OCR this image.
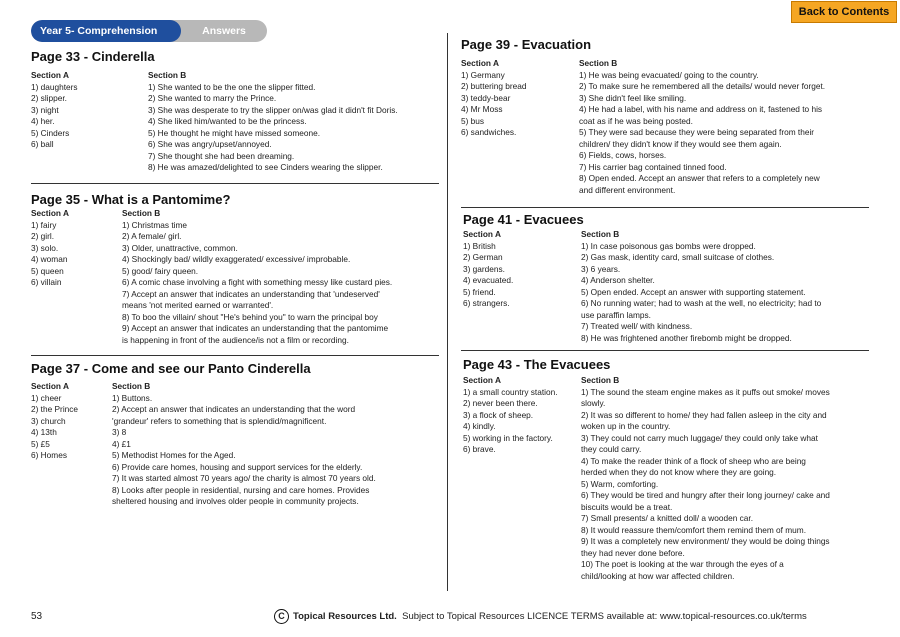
Back to Contents
Year 5- Comprehension	Answers
Page 33 - Cinderella
Section A
1) daughters
2) slipper.
3) night
4) her.
5) Cinders
6) ball
Section B
1) She wanted to be the one the slipper fitted.
2) She wanted to marry the Prince.
3) She was desperate to try the slipper on/was glad it didn't fit Doris.
4) She liked him/wanted to be the princess.
5) He thought he might have missed someone.
6) She was angry/upset/annoyed.
7) She thought she had been dreaming.
8) He was amazed/delighted to see Cinders wearing the slipper.
Page 35 - What is a Pantomime?
Section A
1) fairy
2) girl.
3) solo.
4) woman
5) queen
6) villain
Section B
1) Christmas time
2) A female/ girl.
3) Older, unattractive, common.
4) Shockingly bad/ wildly exaggerated/ excessive/ improbable.
5) good/ fairy queen.
6) A comic chase involving a fight with something messy like custard pies.
7) Accept an answer that indicates an understanding that 'undeserved'
means 'not merited earned or warranted'.
8) To boo the villain/ shout "He's behind you" to warn the principal boy
9) Accept an answer that indicates an understanding that the pantomime
is happening in front of the audience/is not a film or recording.
Page 37 - Come and see our Panto Cinderella
Section A
1) cheer
2) the Prince
3) church
4) 13th
5) £5
6) Homes
Section B
1) Buttons.
2) Accept an answer that indicates an understanding that the word
'grandeur' refers to something that is splendid/magnificent.
3) 8
4) £1
5) Methodist Homes for the Aged.
6) Provide care homes, housing and support services for the elderly.
7) It was started almost 70 years ago/ the charity is almost 70 years old.
8) Looks after people in residential, nursing and care homes. Provides
sheltered housing and involves older people in community projects.
Page 39 - Evacuation
Section A
1) Germany
2) buttering bread
3) teddy-bear
4) Mr Moss
5) bus
6) sandwiches.
Section B
1) He was being evacuated/ going to the country.
2) To make sure he remembered all the details/ would never forget.
3) She didn't feel like smiling.
4) He had a label, with his name and address on it, fastened to his
coat as if he was being posted.
5) They were sad because they were being separated from their
children/ they didn't know if they would see them again.
6) Fields, cows, horses.
7) His carrier bag contained tinned food.
8) Open ended. Accept an answer that refers to a completely new
and different environment.
Page 41 - Evacuees
Section A
1) British
2) German
3) gardens.
4) evacuated.
5) friend.
6) strangers.
Section B
1) In case poisonous gas bombs were dropped.
2) Gas mask, identity card, small suitcase of clothes.
3) 6 years.
4) Anderson shelter.
5) Open ended. Accept an answer with supporting statement.
6) No running water; had to wash at the well, no electricity; had to
use paraffin lamps.
7) Treated well/ with kindness.
8) He was frightened another firebomb might be dropped.
Page 43 - The Evacuees
Section A
1) a small country station.
2) never been there.
3) a flock of sheep.
4) kindly.
5) working in the factory.
6) brave.
Section B
1) The sound the steam engine makes as it puffs out smoke/ moves
slowly.
2) It was so different to home/ they had fallen asleep in the city and
woken up in the country.
3) They could not carry much luggage/ they could only take what
they could carry.
4) To make the reader think of a flock of sheep who are being
herded when they do not know where they are going.
5) Warm, comforting.
6) They would be tired and hungry after their long journey/ cake and
biscuits would be a treat.
7) Small presents/ a knitted doll/ a wooden car.
8) It would reassure them/comfort them remind them of mum.
9) It was a completely new environment/ they would be doing things
they had never done before.
10) The poet is looking at the war through the eyes of a
child/looking at how war affected children.
53	C Topical Resources Ltd. Subject to Topical Resources LICENCE TERMS available at: www.topical-resources.co.uk/terms
